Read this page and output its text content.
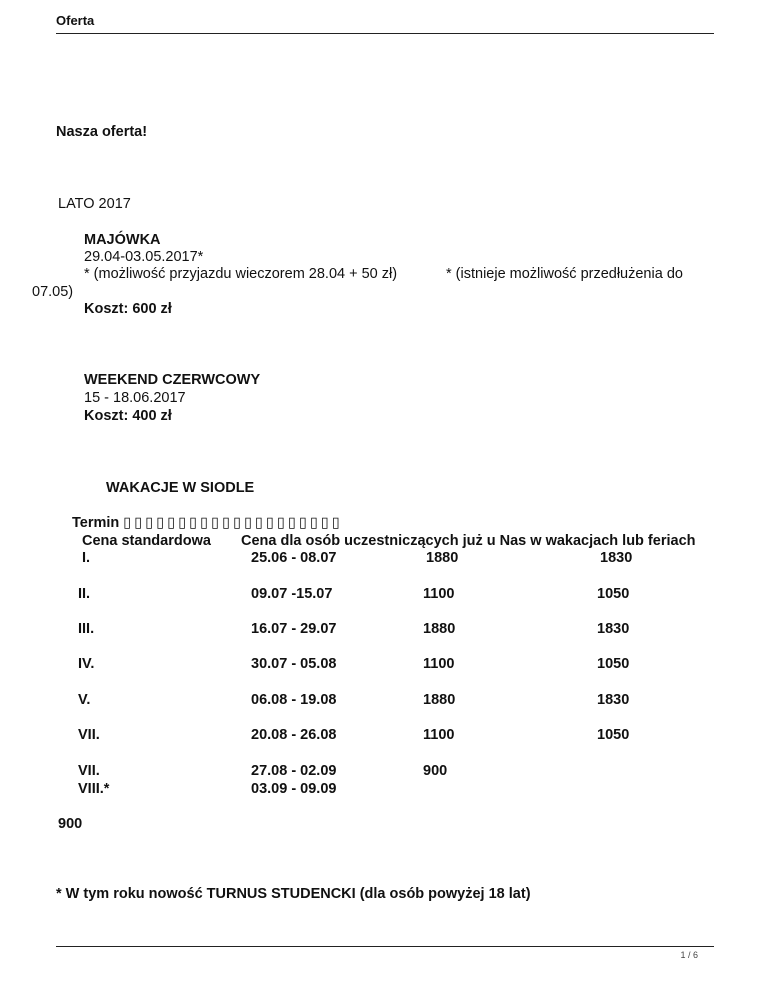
Oferta
Nasza oferta!
LATO 2017
MAJÓWKA
29.04-03.05.2017*
* (możliwość przyjazdu wieczorem 28.04 + 50 zł)	* (istnieje możliwość przedłużenia do
07.05)
Koszt: 600 zł
WEEKEND CZERWCOWY
15 - 18.06.2017
Koszt: 400 zł
WAKACJE W SIODLE
Termin ▯▯▯▯▯▯▯▯▯▯▯▯▯▯▯▯▯▯▯▯
Cena standardowa Cena dla osób uczestniczących już u Nas w wakacjach lub feriach
I.	25.06 - 08.07	1880	1830
II.	09.07 -15.07	1100	1050
III.	16.07 - 29.07	1880	1830
IV.	30.07 - 05.08	1100	1050
V.	06.08 - 19.08	1880	1830
VII.	20.08 - 26.08	1100	1050
VII.	27.08 - 02.09	900
VIII.*	03.09 - 09.09
900
* W tym roku nowość TURNUS STUDENCKI (dla osób powyżej 18 lat)
1 / 6
